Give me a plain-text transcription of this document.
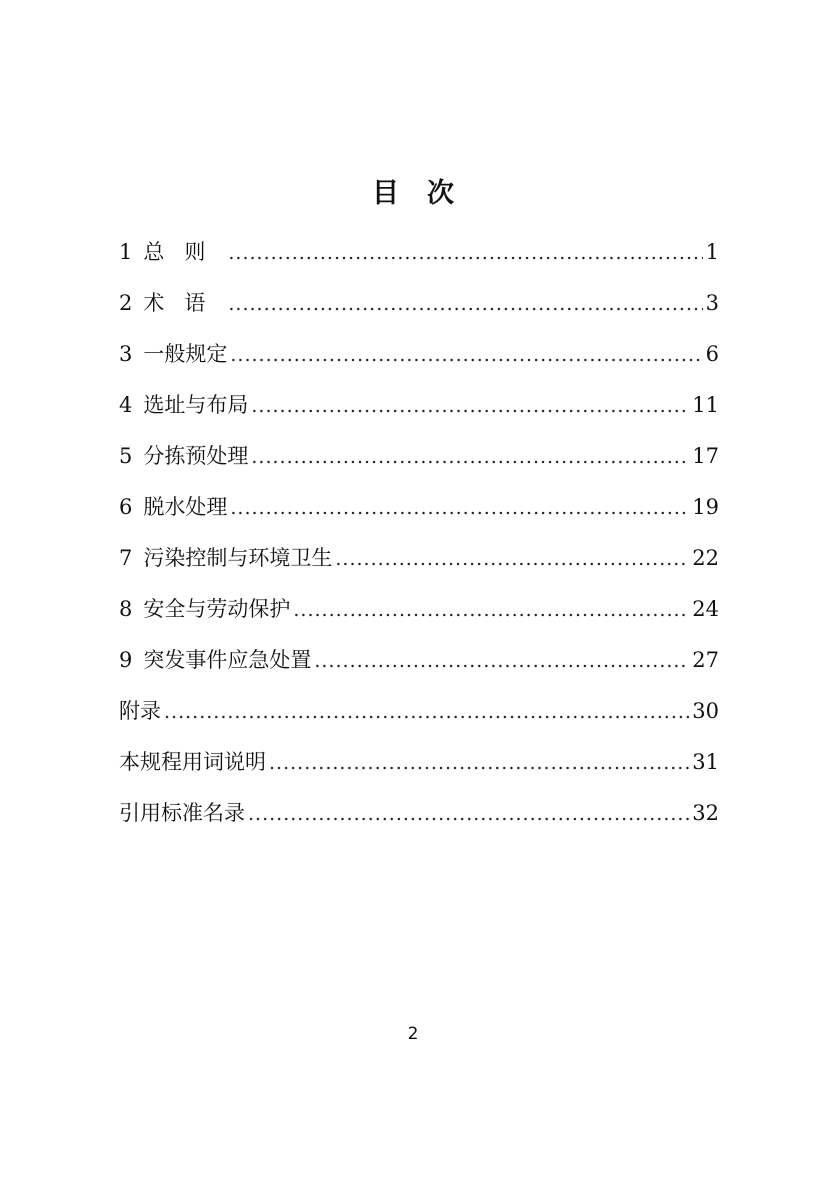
目次
1 总则 .....	1
2 术语 .....	3
3 一般规定 .....	6
4 选址与布局 .....	11
5 分拣预处理 .....	17
6 脱水处理 .....	19
7 污染控制与环境卫生 .....	22
8 安全与劳动保护 .....	24
9 突发事件应急处置 .....	27
附录 .....	30
本规程用词说明 .....	31
引用标准名录 .....	32
2
